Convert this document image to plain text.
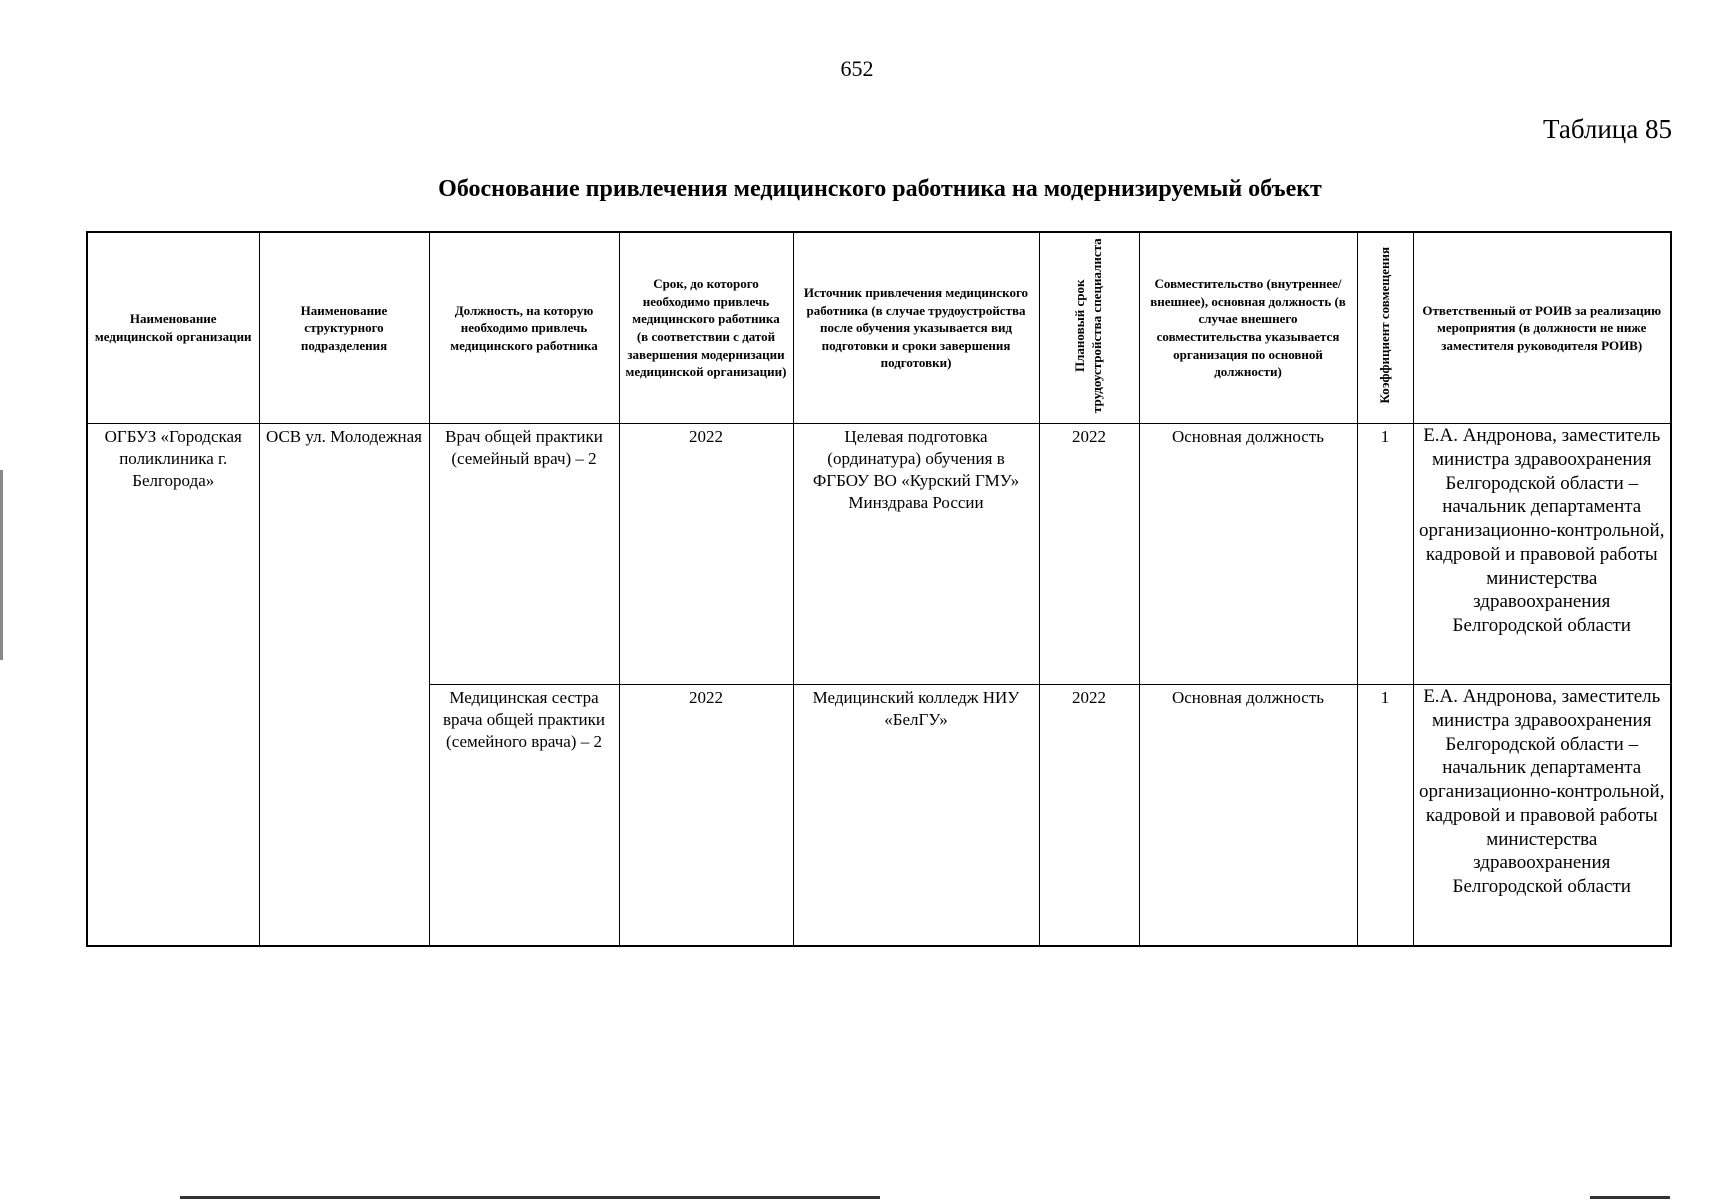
652
Таблица 85
Обоснование привлечения медицинского работника на модернизируемый объект
Наименование медицинской организации	Наименование структурного подразделения	Должность, на которую необходимо привлечь медицинского работника	Срок, до которого необходимо привлечь медицинского работника (в соответствии с датой завершения модернизации медицинской организации)	Источник привлечения медицинского работника (в случае трудоустройства после обучения указывается вид подготовки и сроки завершения подготовки)	Плановый срок трудоустройства специалиста	Совместительство (внутреннее/ внешнее), основная должность (в случае внешнего совместительства указывается организация по основной должности)	Коэффициент совмещения	Ответственный от РОИВ за реализацию мероприятия (в должности не ниже заместителя руководителя РОИВ)

ОГБУЗ «Городская поликлиника г. Белгорода»	ОСВ ул. Молодежная	Врач общей практики (семейный врач) – 2	2022	Целевая подготовка (ординатура) обучения в ФГБОУ ВО «Курский ГМУ» Минздрава России	2022	Основная должность	1	Е.А. Андронова, заместитель министра здравоохранения Белгородской области – начальник департамента организационно-контрольной, кадровой и правовой работы министерства здравоохранения Белгородской области
		Медицинская сестра врача общей практики (семейного врача) – 2	2022	Медицинский колледж НИУ «БелГУ»	2022	Основная должность	1	Е.А. Андронова, заместитель министра здравоохранения Белгородской области – начальник департамента организационно-контрольной, кадровой и правовой работы министерства здравоохранения Белгородской области
